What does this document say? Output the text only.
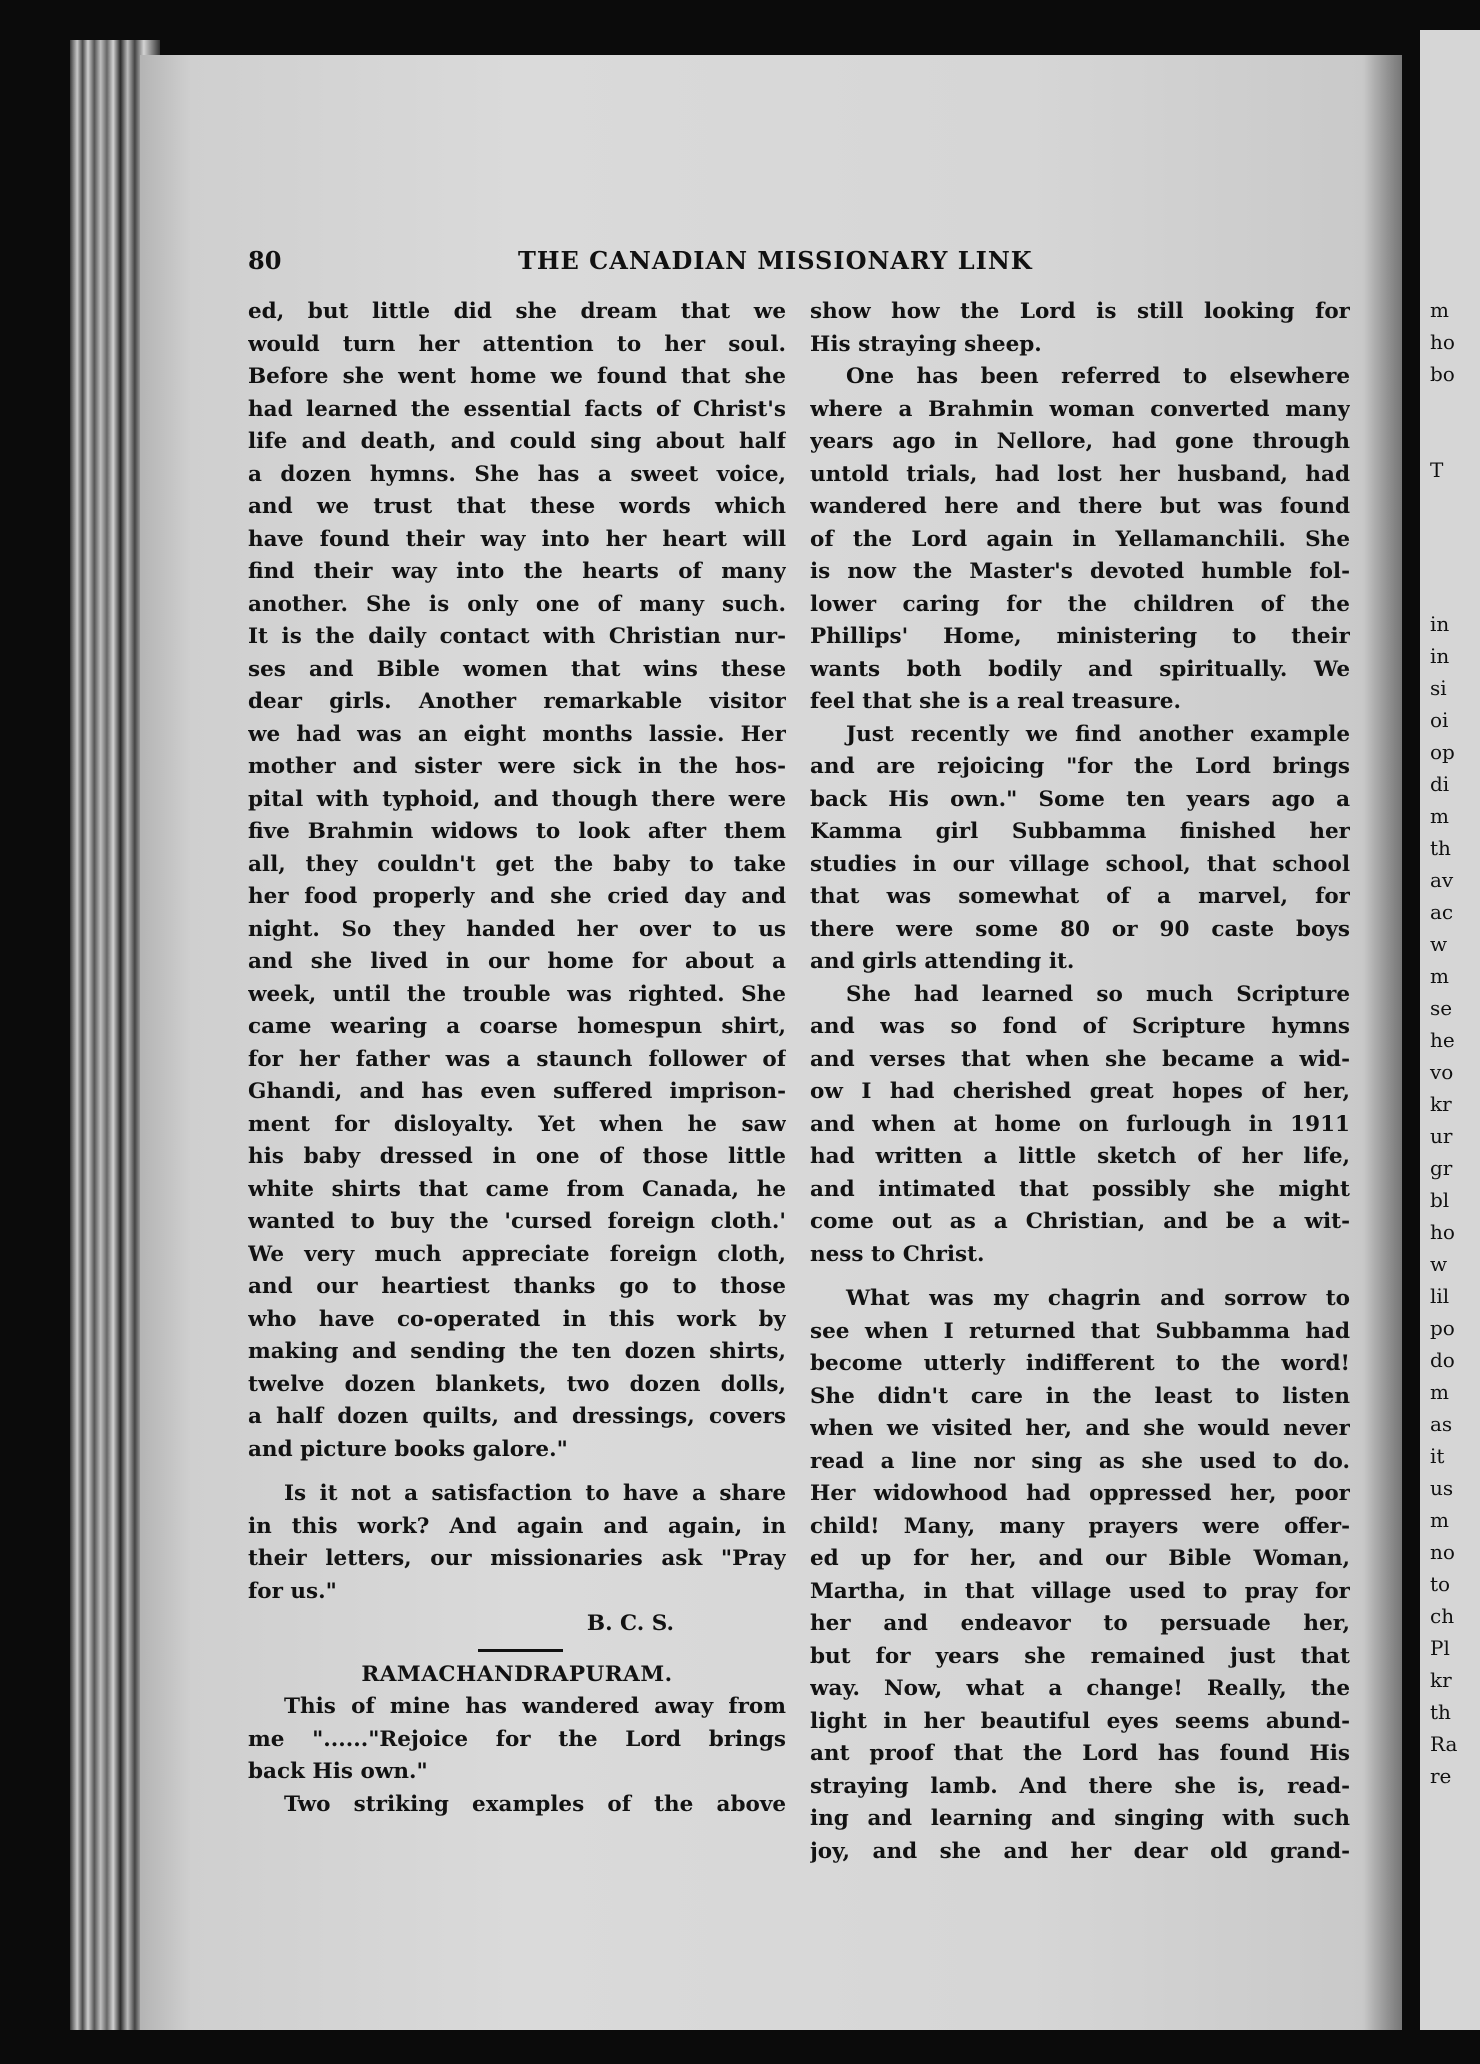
m
ho
bo
T
in
in
si
oi
op
di
m
th
av
ac
w
m
se
he
vo
kr
ur
gr
bl
ho
w
lil
po
do
m
as
it
us
m
no
to
ch
Pl
kr
th
Ra
re
80	THE CANADIAN MISSIONARY LINK
ed, but little did she dream that we
would turn her attention to her soul.
Before she went home we found that she
had learned the essential facts of Christ's
life and death, and could sing about half
a dozen hymns. She has a sweet voice,
and we trust that these words which
have found their way into her heart will
find their way into the hearts of many
another. She is only one of many such.
It is the daily contact with Christian nur-
ses and Bible women that wins these
dear girls. Another remarkable visitor
we had was an eight months lassie. Her
mother and sister were sick in the hos-
pital with typhoid, and though there were
five Brahmin widows to look after them
all, they couldn't get the baby to take
her food properly and she cried day and
night. So they handed her over to us
and she lived in our home for about a
week, until the trouble was righted. She
came wearing a coarse homespun shirt,
for her father was a staunch follower of
Ghandi, and has even suffered imprison-
ment for disloyalty. Yet when he saw
his baby dressed in one of those little
white shirts that came from Canada, he
wanted to buy the 'cursed foreign cloth.'
We very much appreciate foreign cloth,
and our heartiest thanks go to those
who have co-operated in this work by
making and sending the ten dozen shirts,
twelve dozen blankets, two dozen dolls,
a half dozen quilts, and dressings, covers
and picture books galore."
Is it not a satisfaction to have a share
in this work? And again and again, in
their letters, our missionaries ask "Pray
for us."
B. C. S.
RAMACHANDRAPURAM.
This of mine has wandered away from
me "......"Rejoice for the Lord brings
back His own."
Two striking examples of the above
show how the Lord is still looking for
His straying sheep.
One has been referred to elsewhere
where a Brahmin woman converted many
years ago in Nellore, had gone through
untold trials, had lost her husband, had
wandered here and there but was found
of the Lord again in Yellamanchili. She
is now the Master's devoted humble fol-
lower caring for the children of the
Phillips' Home, ministering to their
wants both bodily and spiritually. We
feel that she is a real treasure.
Just recently we find another example
and are rejoicing "for the Lord brings
back His own." Some ten years ago a
Kamma girl Subbamma finished her
studies in our village school, that school
that was somewhat of a marvel, for
there were some 80 or 90 caste boys
and girls attending it.
She had learned so much Scripture
and was so fond of Scripture hymns
and verses that when she became a wid-
ow I had cherished great hopes of her,
and when at home on furlough in 1911
had written a little sketch of her life,
and intimated that possibly she might
come out as a Christian, and be a wit-
ness to Christ.
What was my chagrin and sorrow to
see when I returned that Subbamma had
become utterly indifferent to the word!
She didn't care in the least to listen
when we visited her, and she would never
read a line nor sing as she used to do.
Her widowhood had oppressed her, poor
child! Many, many prayers were offer-
ed up for her, and our Bible Woman,
Martha, in that village used to pray for
her and endeavor to persuade her,
but for years she remained just that
way. Now, what a change! Really, the
light in her beautiful eyes seems abund-
ant proof that the Lord has found His
straying lamb. And there she is, read-
ing and learning and singing with such
joy, and she and her dear old grand-
